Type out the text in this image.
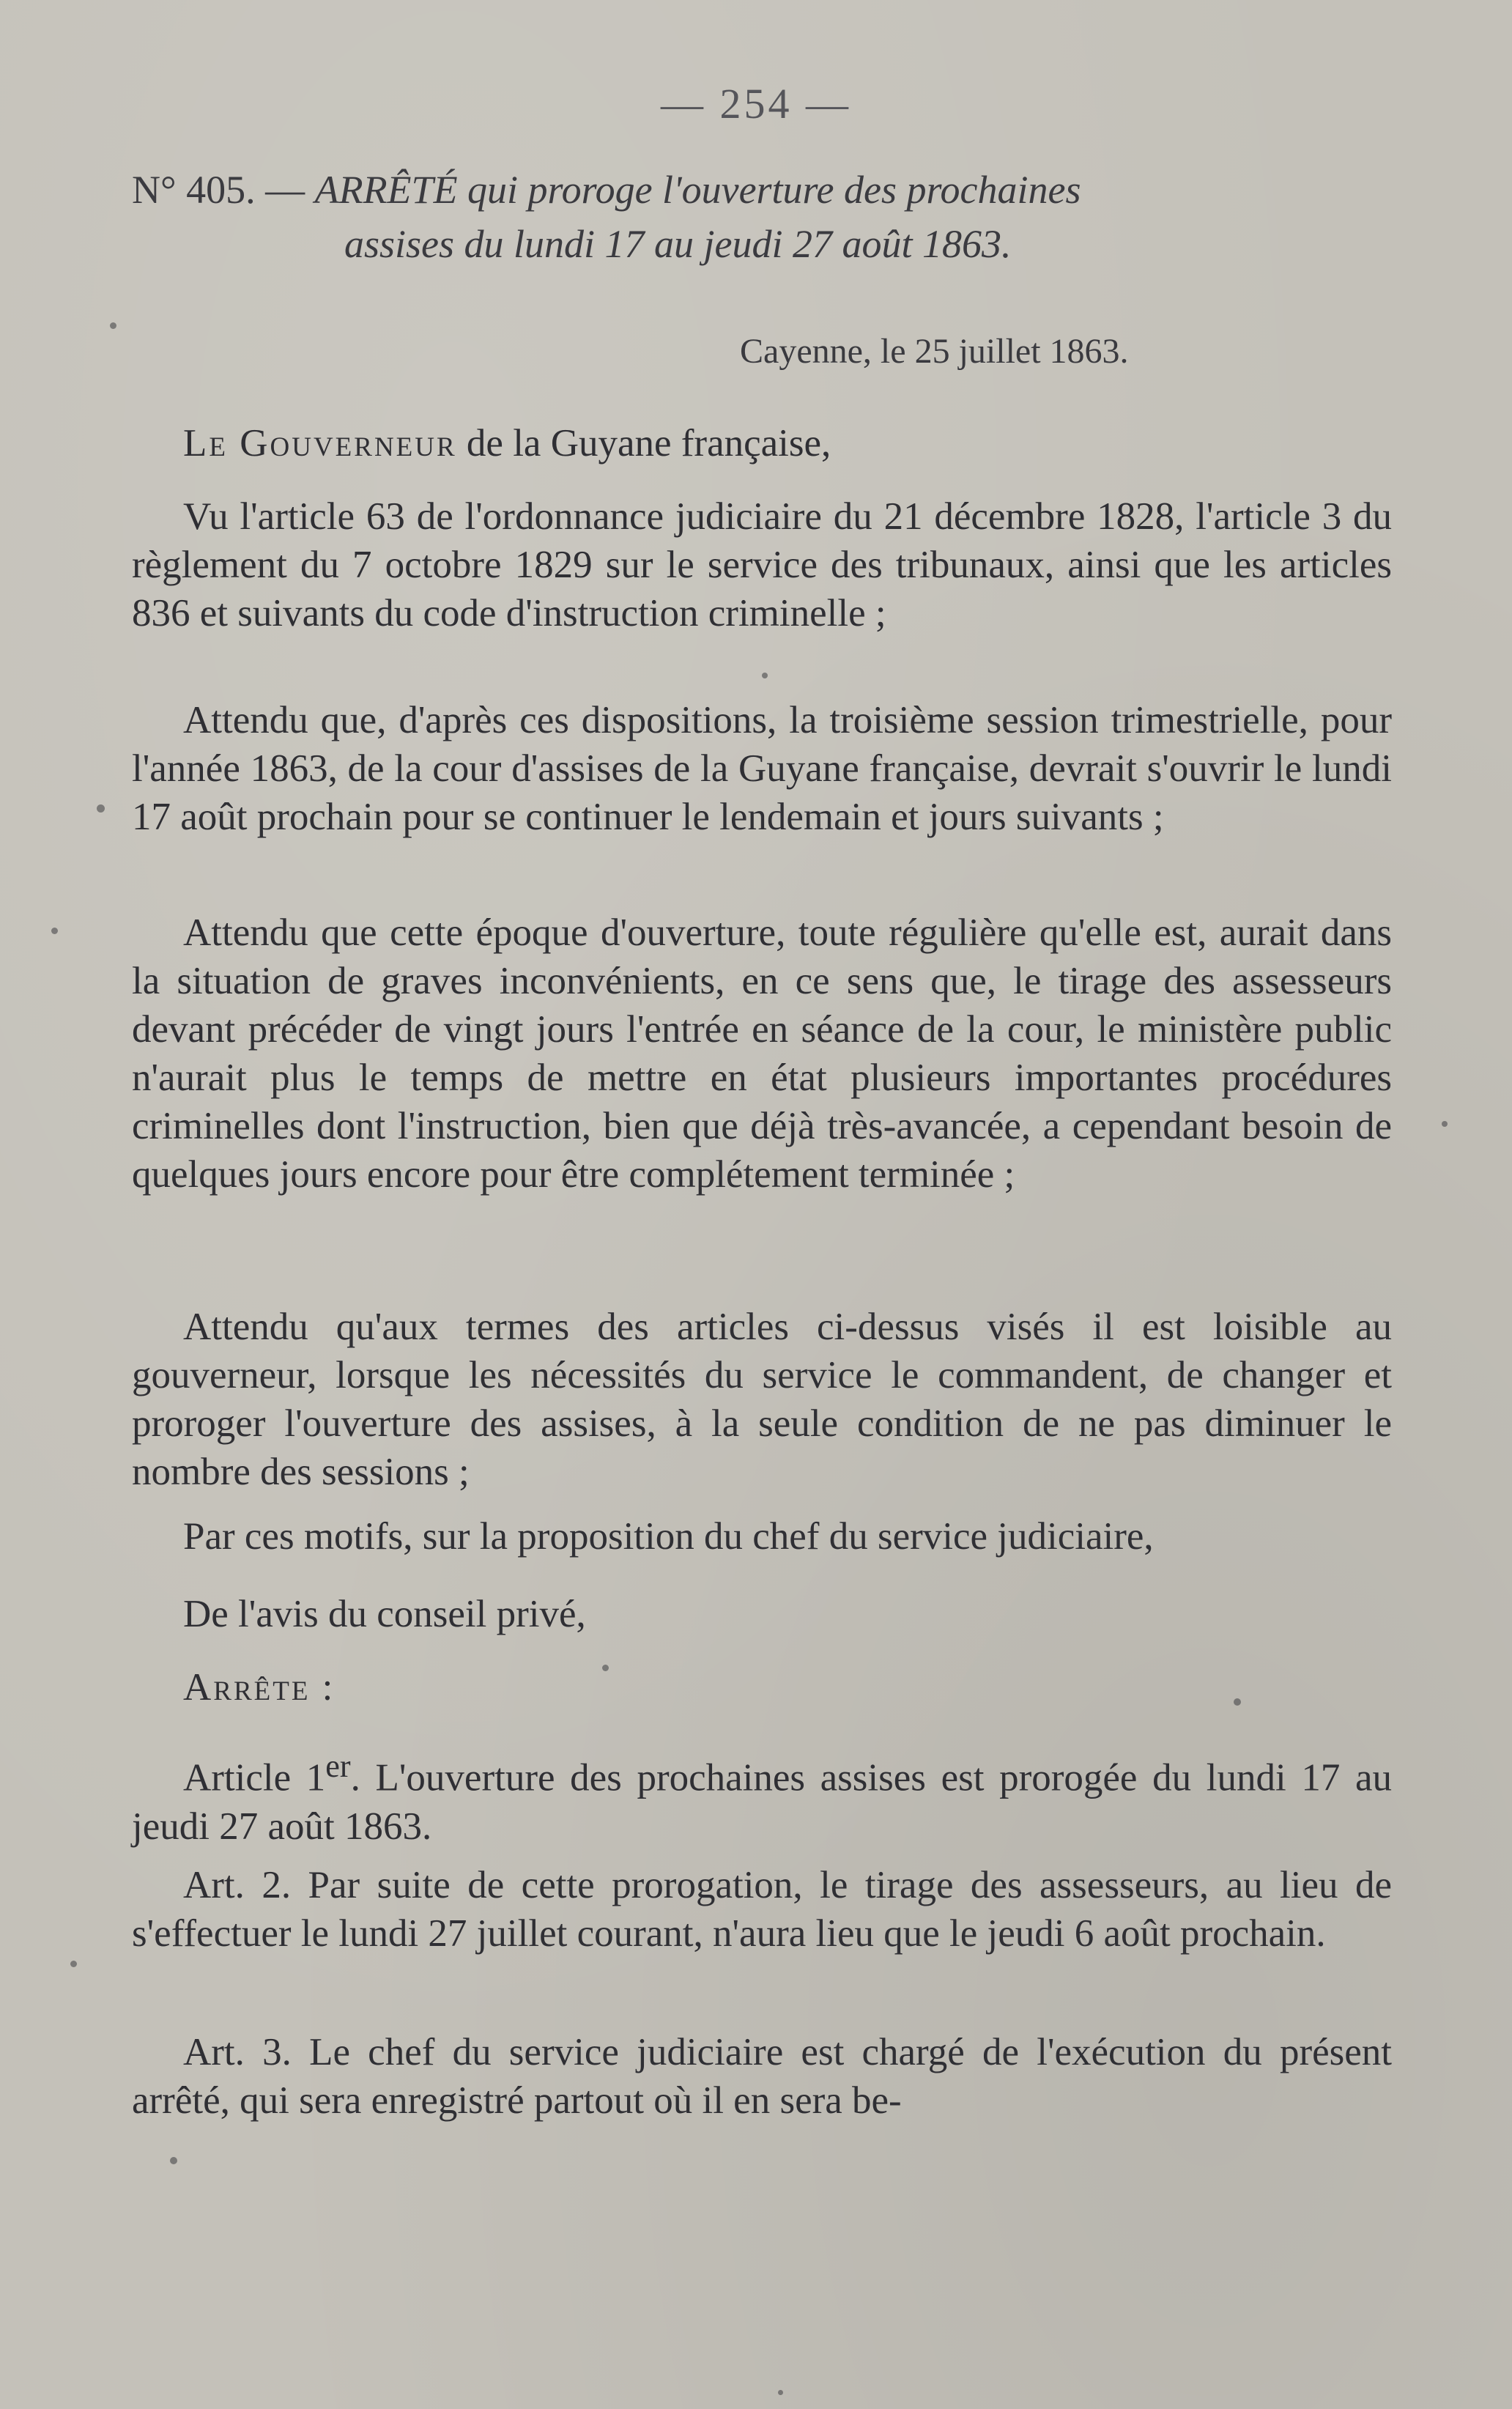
— 254 —
N° 405. — ARRÊTÉ qui proroge l'ouverture des prochaines
assises du lundi 17 au jeudi 27 août 1863.
Cayenne, le 25 juillet 1863.

Le Gouverneur de la Guyane française,

Vu l'article 63 de l'ordonnance judiciaire du 21 décembre 1828, l'article 3 du règlement du 7 octobre 1829 sur le service des tribunaux, ainsi que les articles 836 et suivants du code d'instruction criminelle ;

Attendu que, d'après ces dispositions, la troisième session trimestrielle, pour l'année 1863, de la cour d'assises de la Guyane française, devrait s'ouvrir le lundi 17 août prochain pour se continuer le lendemain et jours suivants ;

Attendu que cette époque d'ouverture, toute régulière qu'elle est, aurait dans la situation de graves inconvénients, en ce sens que, le tirage des assesseurs devant précéder de vingt jours l'entrée en séance de la cour, le ministère public n'aurait plus le temps de mettre en état plusieurs importantes procédures criminelles dont l'instruction, bien que déjà très-avancée, a cependant besoin de quelques jours encore pour être complétement terminée ;

Attendu qu'aux termes des articles ci-dessus visés il est loisible au gouverneur, lorsque les nécessités du service le commandent, de changer et proroger l'ouverture des assises, à la seule condition de ne pas diminuer le nombre des sessions ;

Par ces motifs, sur la proposition du chef du service judiciaire,

De l'avis du conseil privé,

Arrête :

Article 1er. L'ouverture des prochaines assises est prorogée du lundi 17 au jeudi 27 août 1863.

Art. 2. Par suite de cette prorogation, le tirage des assesseurs, au lieu de s'effectuer le lundi 27 juillet courant, n'aura lieu que le jeudi 6 août prochain.

Art. 3. Le chef du service judiciaire est chargé de l'exécution du présent arrêté, qui sera enregistré partout où il en sera be-
